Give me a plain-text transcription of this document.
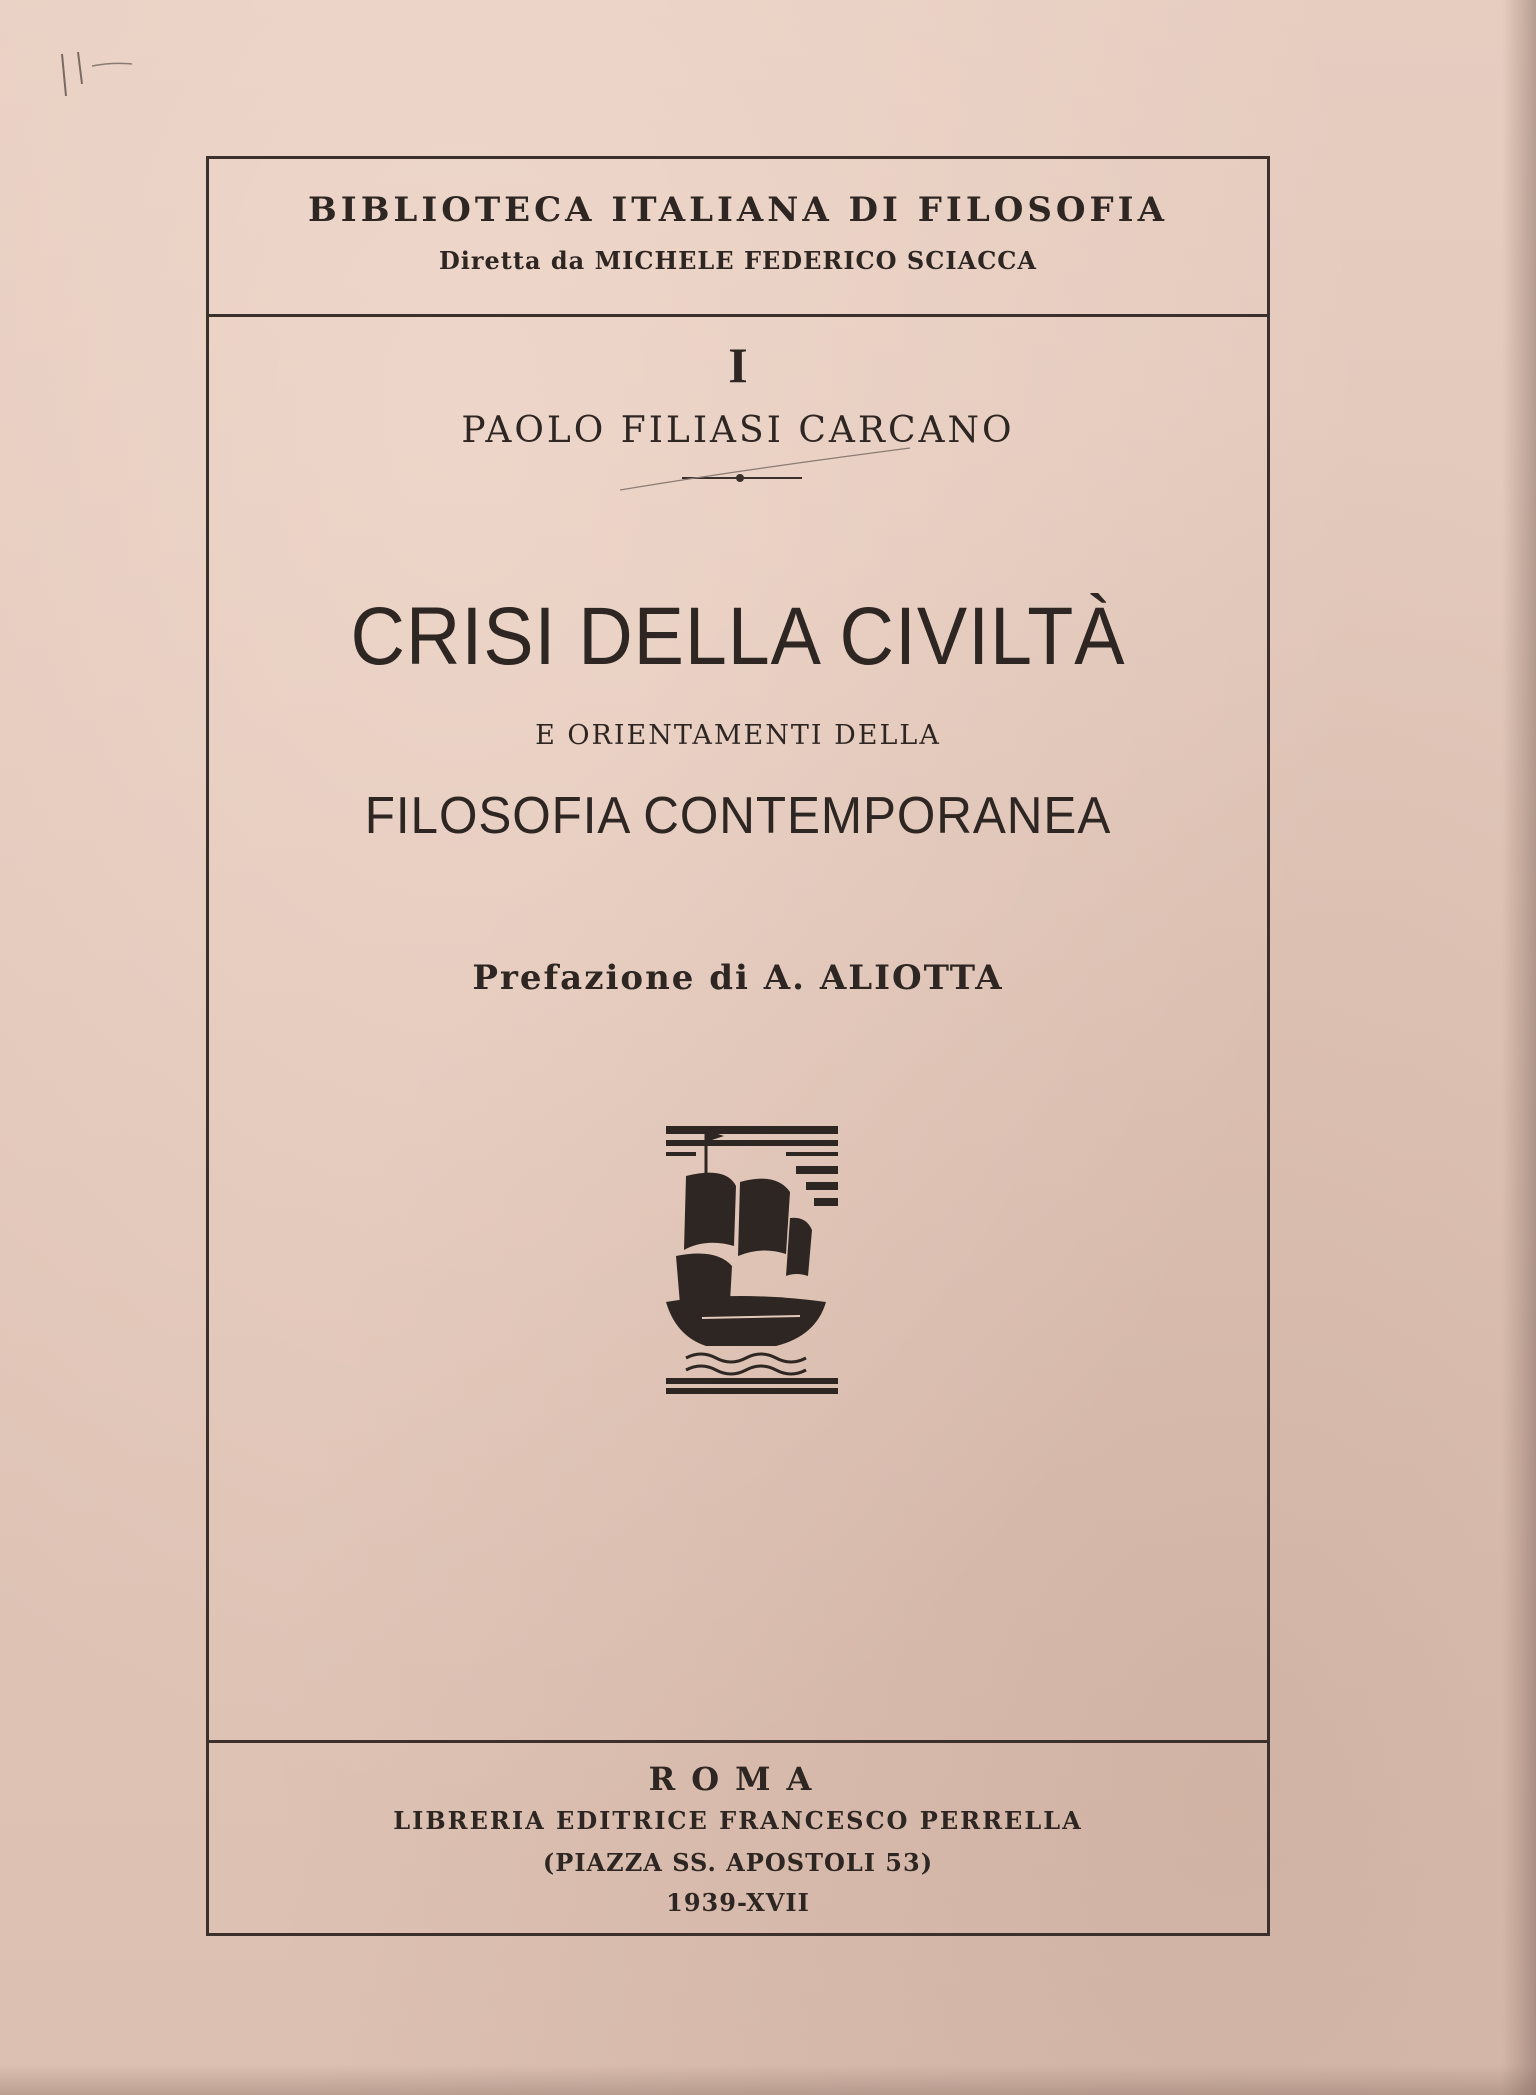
BIBLIOTECA ITALIANA DI FILOSOFIA
Diretta da MICHELE FEDERICO SCIACCA
I
PAOLO FILIASI CARCANO
CRISI DELLA CIVILTÀ
E ORIENTAMENTI DELLA
FILOSOFIA CONTEMPORANEA
Prefazione di A. ALIOTTA
ROMA
LIBRERIA EDITRICE FRANCESCO PERRELLA
(PIAZZA SS. APOSTOLI 53)
1939-XVII
